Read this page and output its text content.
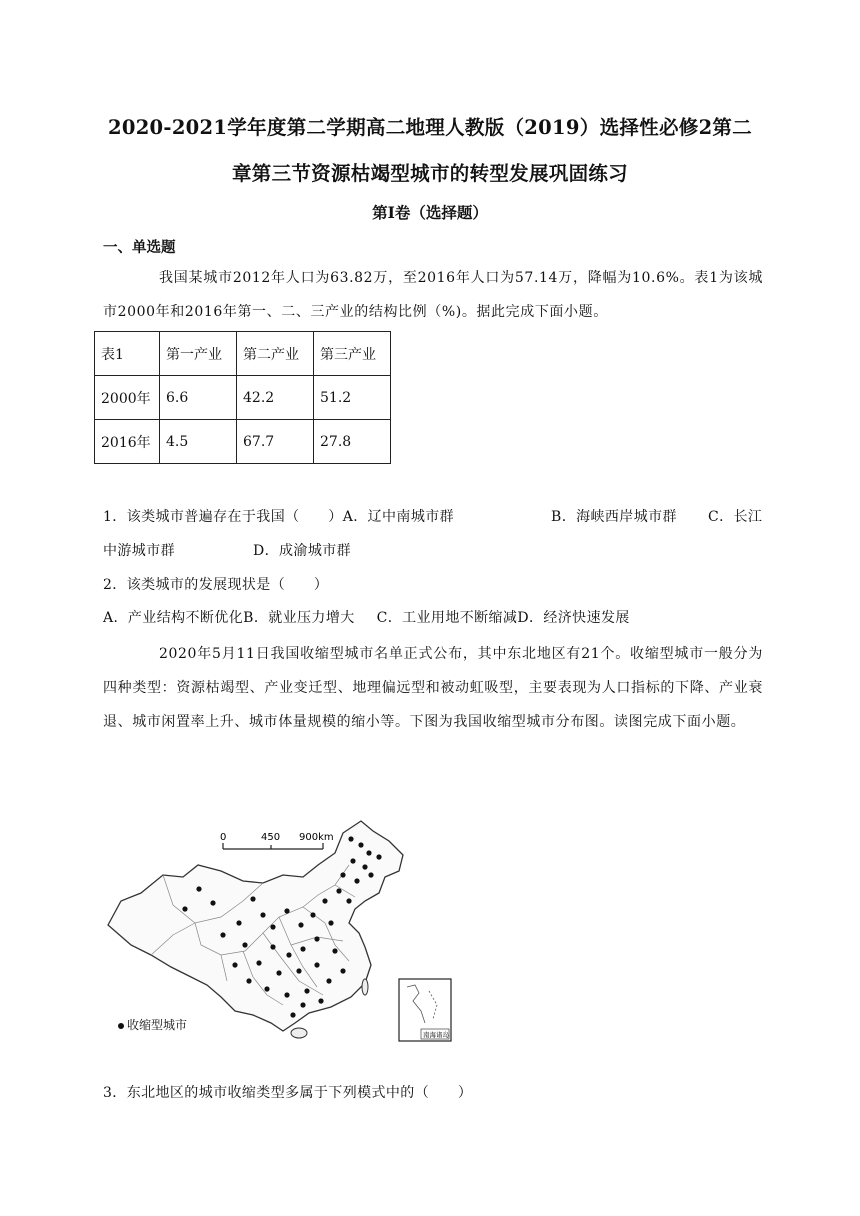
2020-2021学年度第二学期高二地理人教版（2019）选择性必修2第二
章第三节资源枯竭型城市的转型发展巩固练习
第I卷（选择题）
一、单选题
我国某城市2012年人口为63.82万，至2016年人口为57.14万，降幅为10.6%。表1为该城市2000年和2016年第一、二、三产业的结构比例（%)。据此完成下面小题。
表1	第一产业	第二产业	第三产业
2000年	6.6	42.2	51.2
2016年	4.5	67.7	27.8
1．该类城市普遍存在于我国（　　）A．辽中南城市群	B．海峡西岸城市群 C．长江
中游城市群	D．成渝城市群
2．该类城市的发展现状是（　　）
A．产业结构不断优化B．就业压力增大 C．工业用地不断缩减D．经济快速发展
2020年5月11日我国收缩型城市名单正式公布，其中东北地区有21个。收缩型城市一般分为四种类型：资源枯竭型、产业变迁型、地理偏远型和被动虹吸型，主要表现为人口指标的下降、产业衰退、城市闲置率上升、城市体量规模的缩小等。下图为我国收缩型城市分布图。读图完成下面小题。
0	450 900km
南海诸岛
收缩型城市
3．东北地区的城市收缩类型多属于下列模式中的（　　）
